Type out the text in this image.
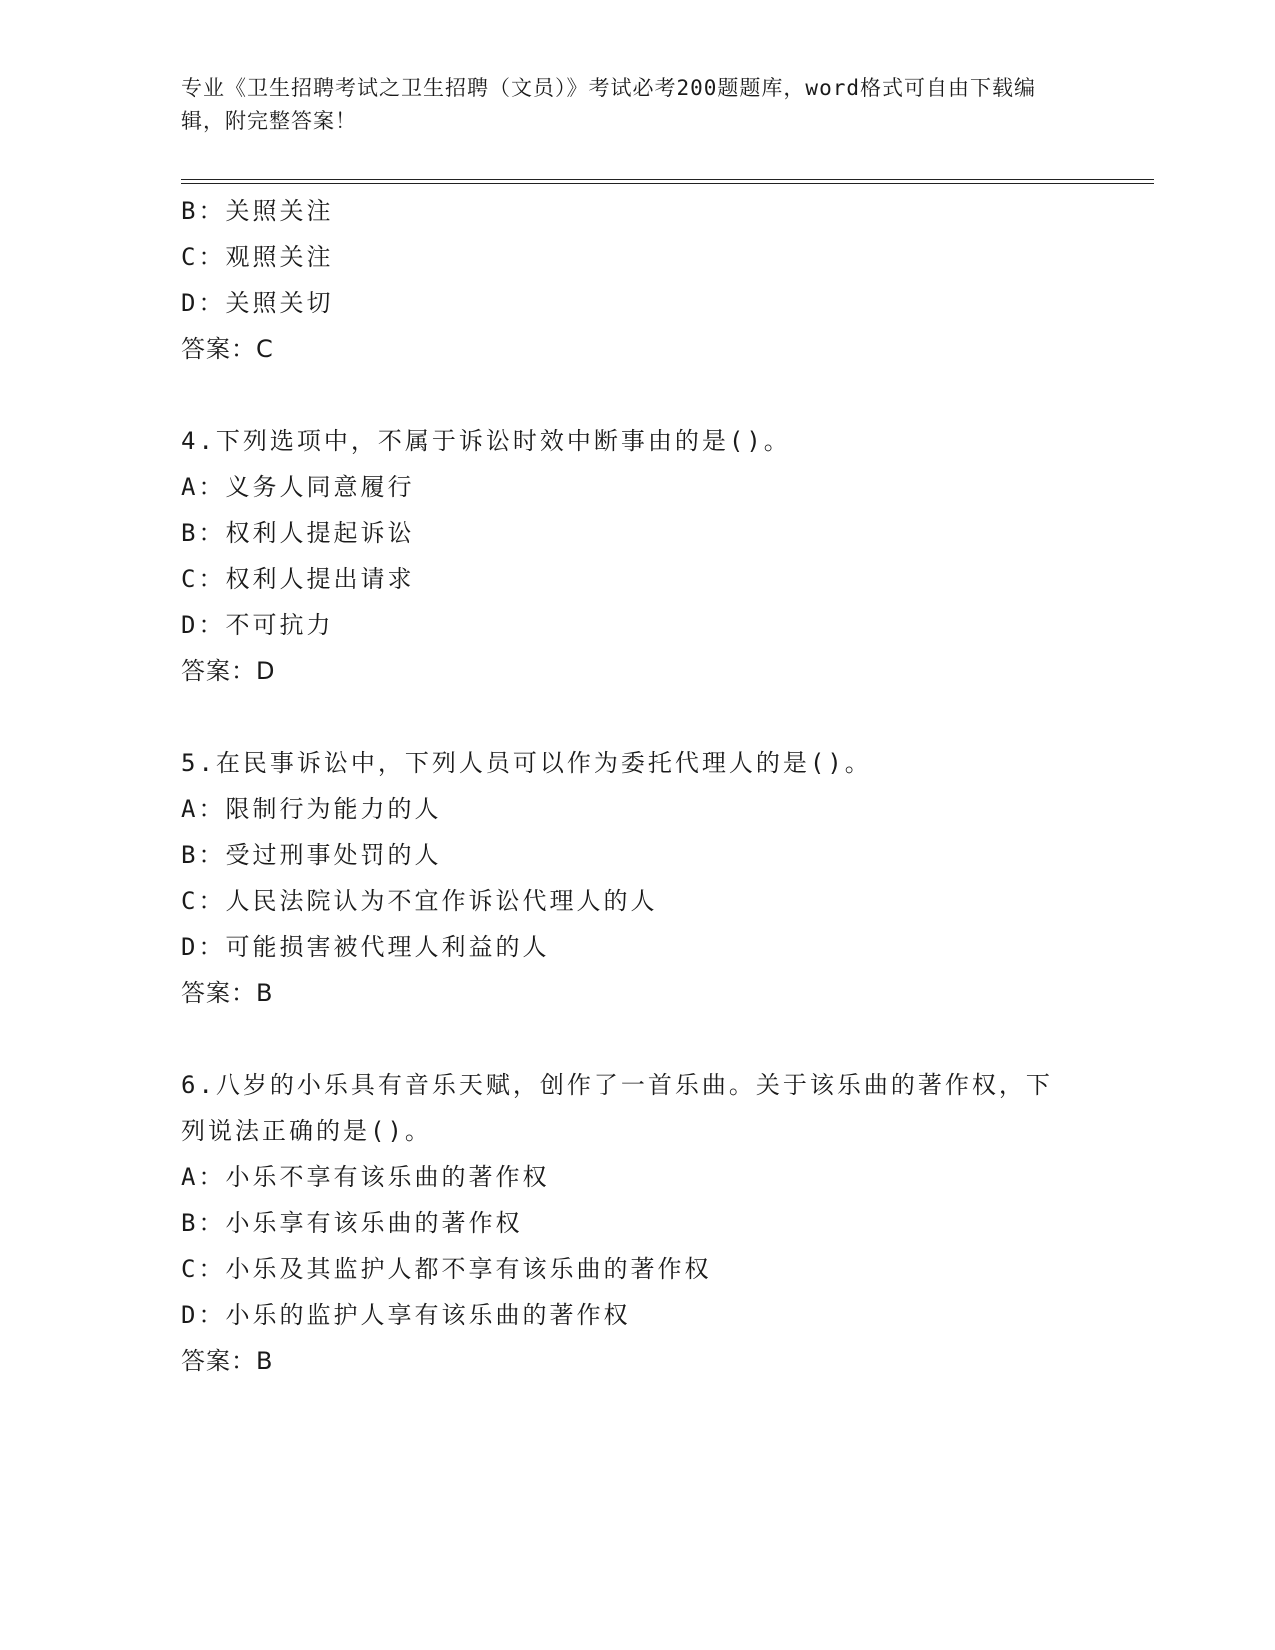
专业《卫生招聘考试之卫生招聘（文员）》考试必考200题题库，word格式可自由下载编辑，附完整答案！
B：关照关注
C：观照关注
D：关照关切
答案：C
4.下列选项中，不属于诉讼时效中断事由的是()。
A：义务人同意履行
B：权利人提起诉讼
C：权利人提出请求
D：不可抗力
答案：D
5.在民事诉讼中，下列人员可以作为委托代理人的是()。
A：限制行为能力的人
B：受过刑事处罚的人
C：人民法院认为不宜作诉讼代理人的人
D：可能损害被代理人利益的人
答案：B
6.八岁的小乐具有音乐天赋，创作了一首乐曲。关于该乐曲的著作权，下列说法正确的是()。
A：小乐不享有该乐曲的著作权
B：小乐享有该乐曲的著作权
C：小乐及其监护人都不享有该乐曲的著作权
D：小乐的监护人享有该乐曲的著作权
答案：B
